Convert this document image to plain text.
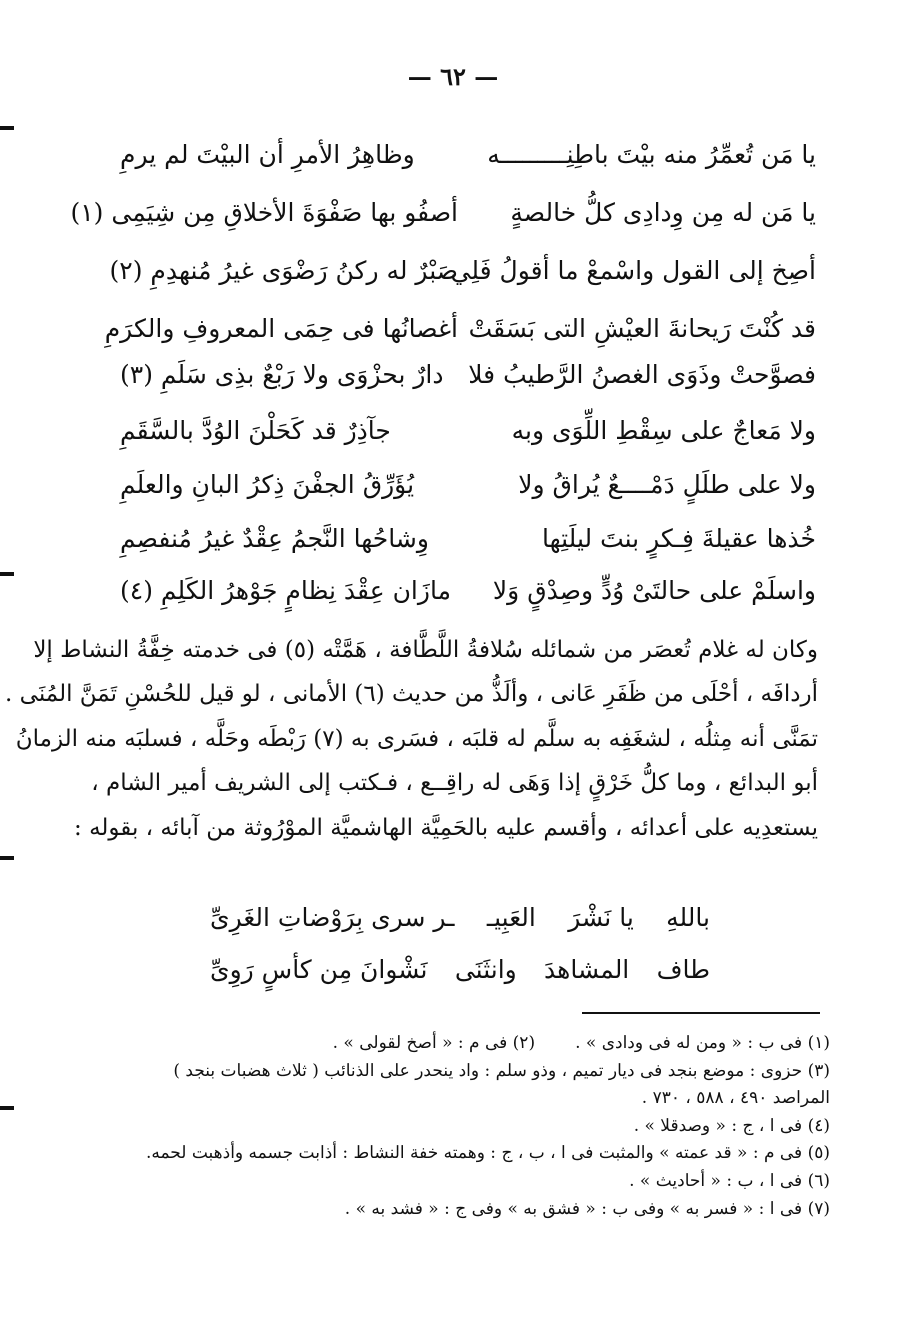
— ٦٢ —
يا مَن تُعمِّرُ منه بيْتَ باطِنِـــــــــه
وظاهِرُ الأمرِ أن البيْتَ لم يرمِ
يا مَن له مِن وِدادِى كلُّ خالصةٍ
أصفُو بها صَفْوَةَ الأخلاقِ مِن شِيَمِى (١)
أصِخ إلى القول واسْمعْ ما أقولُ فَلِي
صَبْرٌ له ركنُ رَضْوَى غيرُ مُنهدِمِ (٢)
قد كُنْتَ رَيحانةَ العيْشِ التى بَسَقَتْ
أغصانُها فى حِمَى المعروفِ والكرَمِ
فصوَّحتْ وذَوَى الغصنُ الرَّطيبُ فلا
دارٌ بحزْوَى ولا رَبْعٌ بذِى سَلَمِ (٣)
ولا مَعاجٌ على سِقْطِ اللِّوَى وبه
جآذِرٌ قد كَحَلْنَ الوُدَّ بالسَّقَمِ
ولا على طلَلٍ دَمْــــعٌ يُراقُ ولا
يُؤَرِّقُ الجفْنَ ذِكرُ البانِ والعلَمِ
خُذها عقيلةَ فِـكرٍ بنتَ ليلَتِها
وِشاحُها النَّجمُ عِقْدٌ غيرُ مُنفصِمِ
واسلَمْ على حالتَىْ وُدٍّ وصِدْقٍ وَلا
مازَان عِقْدَ نِظامٍ جَوْهرُ الكَلِمِ (٤)
وكان له غلام تُعصَر من شمائله سُلافةُ اللَّطَّافة ، هَمَّتْه (٥) فى خدمته خِفَّةُ النشاط إلا
أردافَه ، أحْلَى من ظَفَرِ عَانى ، وألَذُّ من حديث (٦) الأمانى ، لو قيل للحُسْنِ تَمَنَّ المُنَى .
تمَنَّى أنه مِثلُه ، لشغَفِه به سلَّم له قلبَه ، فسَرى به (٧) رَبْطَه وحَلَّه ، فسلبَه منه الزمانُ
أبو البدائع ، وما كلُّ خَرْقٍ إذا وَهَى له راقِــع ، فـكتب إلى الشريف أمير الشام ،
يستعدِيه على أعدائه ، وأقسم عليه بالحَمِيَّة الهاشميَّة الموْرُوثة من آبائه ، بقوله :
باللهِ
يا نَشْرَ
العَبِيـ
ـر سرى بِرَوْضاتِ الغَرِىِّ
طاف
المشاهدَ
وانثَنَى
نَشْوانَ مِن كأسٍ رَوِىِّ
(١) فى ب : « ومن له فى ودادى » .
(٢) فى م : « أصخ لقولى » .
(٣) حزوى : موضع بنجد فى ديار تميم ، وذو سلم : واد ينحدر على الذنائب ( ثلاث هضبات بنجد )
المراصد ٤٩٠ ، ٥٨٨ ، ٧٣٠ .
(٤) فى ا ، ج : « وصدقلا » .
(٥) فى م : « قد عمته » والمثبت فى ا ، ب ، ج : وهمته خفة النشاط : أذابت جسمه وأذهبت لحمه.
(٦) فى ا ، ب : « أحاديث » .
(٧) فى ا : « فسر به » وفى ب : « فشق به » وفى ج : « فشد به » .
